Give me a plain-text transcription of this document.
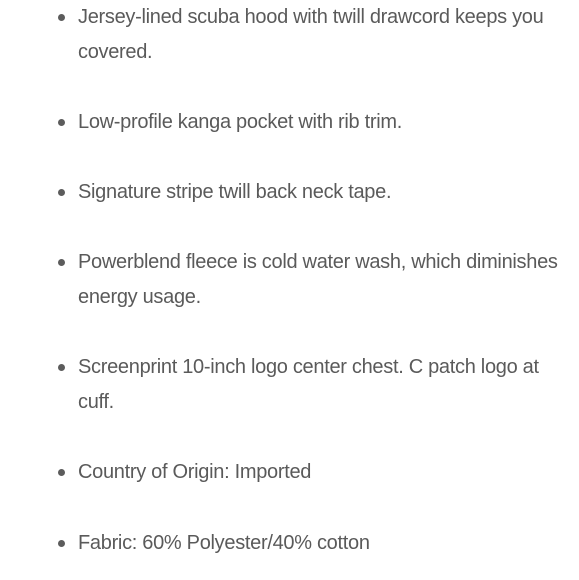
Jersey-lined scuba hood with twill drawcord keeps you covered.

Low-profile kanga pocket with rib trim.

Signature stripe twill back neck tape.

Powerblend fleece is cold water wash, which diminishes energy usage.

Screenprint 10-inch logo center chest. C patch logo at cuff.

Country of Origin: Imported

Fabric: 60% Polyester/40% cotton
